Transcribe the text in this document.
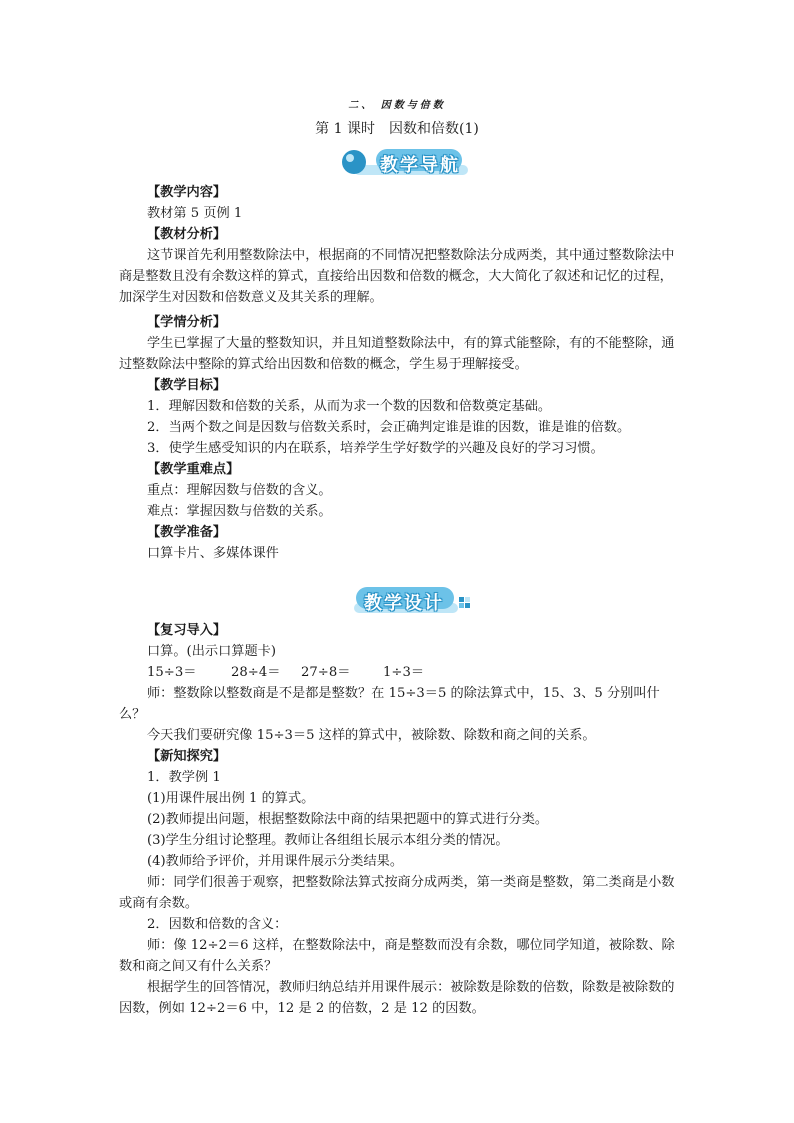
二、 因数与倍数
第 1 课时　因数和倍数(1)
教学导航
【教学内容】
教材第 5 页例 1
【教材分析】
这节课首先利用整数除法中，根据商的不同情况把整数除法分成两类，其中通过整数除法中商是整数且没有余数这样的算式，直接给出因数和倍数的概念，大大简化了叙述和记忆的过程，加深学生对因数和倍数意义及其关系的理解。
【学情分析】
学生已掌握了大量的整数知识，并且知道整数除法中，有的算式能整除，有的不能整除，通过整数除法中整除的算式给出因数和倍数的概念，学生易于理解接受。
【教学目标】
1．理解因数和倍数的关系，从而为求一个数的因数和倍数奠定基础。
2．当两个数之间是因数与倍数关系时，会正确判定谁是谁的因数，谁是谁的倍数。
3．使学生感受知识的内在联系，培养学生学好数学的兴趣及良好的学习习惯。
【教学重难点】
重点：理解因数与倍数的含义。
难点：掌握因数与倍数的关系。
【教学准备】
口算卡片、多媒体课件
教学设计
【复习导入】
口算。(出示口算题卡)
15÷3＝	28÷4＝	27÷8＝	1÷3＝
师：整数除以整数商是不是都是整数？在 15÷3＝5 的除法算式中，15、3、5 分别叫什么？
今天我们要研究像 15÷3＝5 这样的算式中，被除数、除数和商之间的关系。
【新知探究】
1．教学例 1
(1)用课件展出例 1 的算式。
(2)教师提出问题，根据整数除法中商的结果把题中的算式进行分类。
(3)学生分组讨论整理。教师让各组组长展示本组分类的情况。
(4)教师给予评价，并用课件展示分类结果。
师：同学们很善于观察，把整数除法算式按商分成两类，第一类商是整数，第二类商是小数或商有余数。
2．因数和倍数的含义：
师：像 12÷2＝6 这样，在整数除法中，商是整数而没有余数，哪位同学知道，被除数、除数和商之间又有什么关系？
根据学生的回答情况，教师归纳总结并用课件展示：被除数是除数的倍数，除数是被除数的因数，例如 12÷2＝6 中，12 是 2 的倍数，2 是 12 的因数。
